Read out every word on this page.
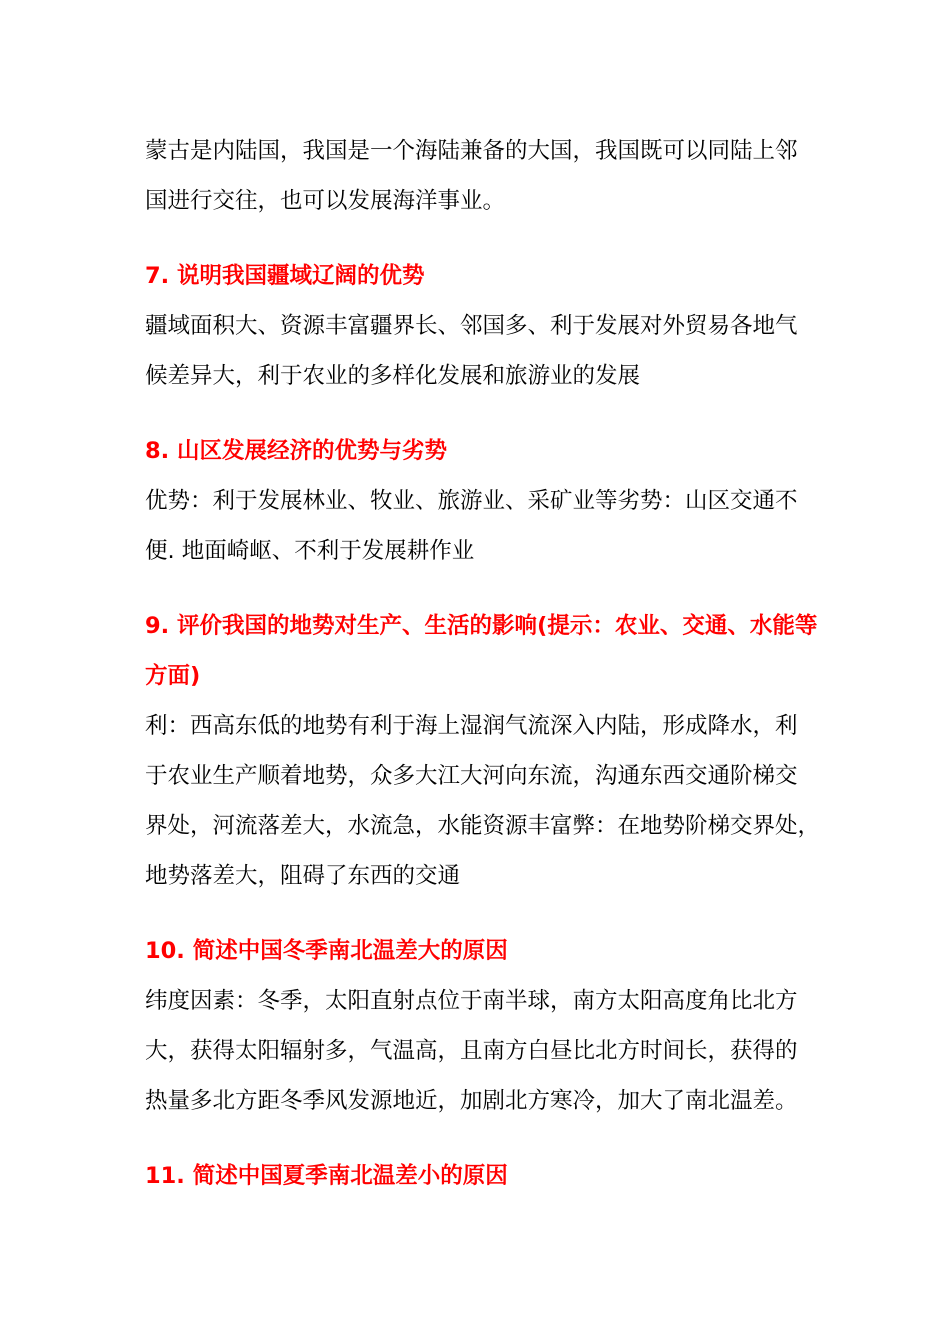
蒙古是内陆国，我国是一个海陆兼备的大国，我国既可以同陆上邻
国进行交往，也可以发展海洋事业。
7. 说明我国疆域辽阔的优势
疆域面积大、资源丰富疆界长、邻国多、利于发展对外贸易各地气
候差异大，利于农业的多样化发展和旅游业的发展
8. 山区发展经济的优势与劣势
优势：利于发展林业、牧业、旅游业、采矿业等劣势：山区交通不
便. 地面崎岖、不利于发展耕作业
9. 评价我国的地势对生产、生活的影响(提示：农业、交通、水能等
方面)
利：西高东低的地势有利于海上湿润气流深入内陆，形成降水，利
于农业生产顺着地势，众多大江大河向东流，沟通东西交通阶梯交
界处，河流落差大，水流急，水能资源丰富弊：在地势阶梯交界处，
地势落差大，阻碍了东西的交通
10. 简述中国冬季南北温差大的原因
纬度因素：冬季，太阳直射点位于南半球，南方太阳高度角比北方
大，获得太阳辐射多，气温高，且南方白昼比北方时间长，获得的
热量多北方距冬季风发源地近，加剧北方寒冷，加大了南北温差。
11. 简述中国夏季南北温差小的原因
